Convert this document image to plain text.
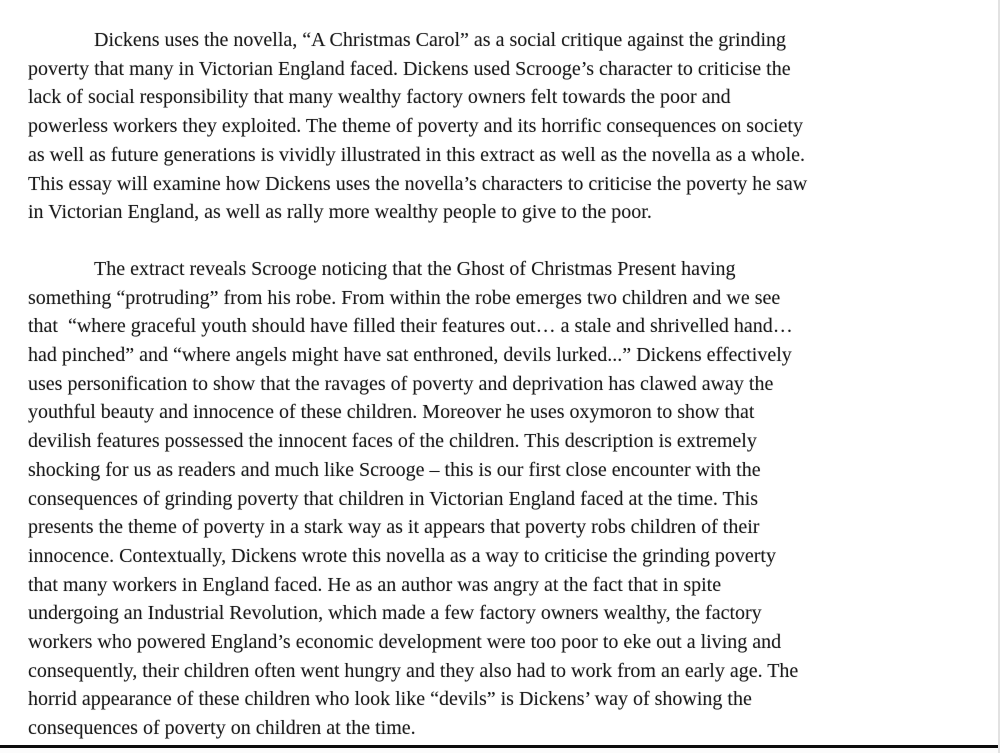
Dickens uses the novella, “A Christmas Carol” as a social critique against the grinding
poverty that many in Victorian England faced. Dickens used Scrooge’s character to criticise the
lack of social responsibility that many wealthy factory owners felt towards the poor and
powerless workers they exploited. The theme of poverty and its horrific consequences on society
as well as future generations is vividly illustrated in this extract as well as the novella as a whole.
This essay will examine how Dickens uses the novella’s characters to criticise the poverty he saw
in Victorian England, as well as rally more wealthy people to give to the poor.
The extract reveals Scrooge noticing that the Ghost of Christmas Present having
something “protruding” from his robe. From within the robe emerges two children and we see
that  “where graceful youth should have filled their features out… a stale and shrivelled hand…
had pinched” and “where angels might have sat enthroned, devils lurked...” Dickens effectively
uses personification to show that the ravages of poverty and deprivation has clawed away the
youthful beauty and innocence of these children. Moreover he uses oxymoron to show that
devilish features possessed the innocent faces of the children. This description is extremely
shocking for us as readers and much like Scrooge – this is our first close encounter with the
consequences of grinding poverty that children in Victorian England faced at the time. This
presents the theme of poverty in a stark way as it appears that poverty robs children of their
innocence. Contextually, Dickens wrote this novella as a way to criticise the grinding poverty
that many workers in England faced. He as an author was angry at the fact that in spite
undergoing an Industrial Revolution, which made a few factory owners wealthy, the factory
workers who powered England’s economic development were too poor to eke out a living and
consequently, their children often went hungry and they also had to work from an early age. The
horrid appearance of these children who look like “devils” is Dickens’ way of showing the
consequences of poverty on children at the time.
